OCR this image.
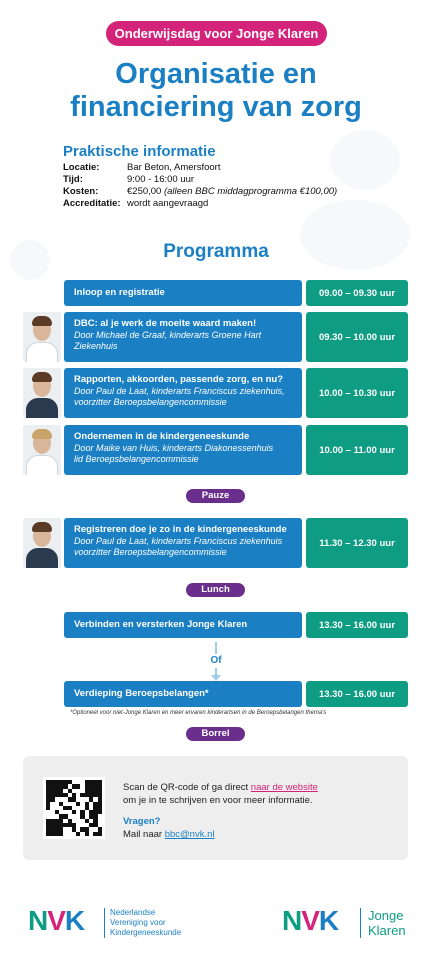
Onderwijsdag voor Jonge Klaren
Organisatie en
financiering van zorg
Praktische informatie
Locatie:	Bar Beton, Amersfoort
Tijd:	9:00 - 16:00 uur
Kosten:	€250,00 (alleen BBC middagprogramma €100,00)
Accreditatie: wordt aangevraagd
Programma
Inloop en registratie	09.00 – 09.30 uur
DBC: al je werk de moeite waard maken!
Door Michael de Graaf, kinderarts Groene Hart
Ziekenhuis
09.30 – 10.00 uur
Rapporten, akkoorden, passende zorg, en nu?
Door Paul de Laat, kinderarts Franciscus ziekenhuis,
voorzitter Beroepsbelangencommissie
10.00 – 10.30 uur
Ondernemen in de kindergeneeskunde
Door Maike van Huis, kinderarts Diakonessenhuis
lid Beroepsbelangencommissie
10.00 – 11.00 uur
Pauze
Registreren doe je zo in de kindergeneeskunde
Door Paul de Laat, kinderarts Franciscus ziekenhuis
voorzitter Beroepsbelangencommissie
11.30 – 12.30 uur
Lunch
Verbinden en versterken Jonge Klaren	13.30 – 16.00 uur
Of
Verdieping Beroepsbelangen*	13.30 – 16.00 uur
*Optioneel voor niet-Jonge Klaren en meer ervaren kinderartsen in de Beroepsbelangen thema's
Borrel
Scan de QR-code of ga direct naar de website
om je in te schrijven en voor meer informatie.
Vragen?
Mail naar bbc@nvk.nl
NVK	Nederlandse
Vereniging voor
Kindergeneeskunde	NVK Jonge
Klaren
